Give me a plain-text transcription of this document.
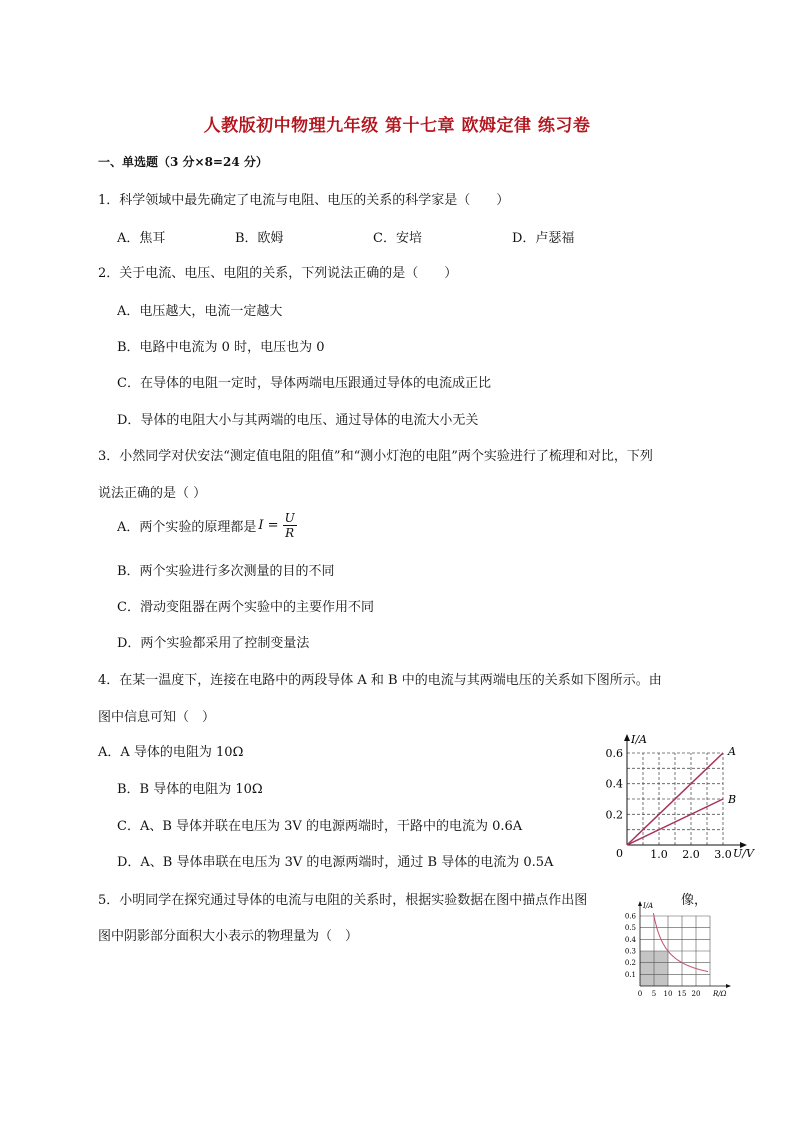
人教版初中物理九年级 第十七章 欧姆定律 练习卷
一、单选题（3 分×8=24 分）
1．科学领域中最先确定了电流与电阻、电压的关系的科学家是（　　）
A．焦耳	B．欧姆	C．安培	D．卢瑟福
2．关于电流、电压、电阻的关系，下列说法正确的是（　　）
A．电压越大，电流一定越大
B．电路中电流为 0 时，电压也为 0
C．在导体的电阻一定时，导体两端电压跟通过导体的电流成正比
D．导体的电阻大小与其两端的电压、通过导体的电流大小无关
3．小然同学对伏安法“测定值电阻的阻值”和“测小灯泡的电阻”两个实验进行了梳理和对比，下列
说法正确的是（ ）
A．两个实验的原理都是 $I = \frac{U}{R}$
B．两个实验进行多次测量的目的不同
C．滑动变阻器在两个实验中的主要作用不同
D．两个实验都采用了控制变量法
4．在某一温度下，连接在电路中的两段导体 A 和 B 中的电流与其两端电压的关系如下图所示。由
图中信息可知（　）
A．A 导体的电阻为 10Ω
B．B 导体的电阻为 10Ω
C．A、B 导体并联在电压为 3V 的电源两端时，干路中的电流为 0.6A
D．A、B 导体串联在电压为 3V 的电源两端时，通过 B 导体的电流为 0.5A
5．小明同学在探究通过导体的电流与电阻的关系时，根据实验数据在图中描点作出图	像，
图中阴影部分面积大小表示的物理量为（　）
A
B
I/A
U/V
0
0.2
0.4
0.6
1.0 2.0 3.0
I/A
R/Ω
0
0.1
0.2
0.3
0.4
0.5
0.6
5 10 15 20
